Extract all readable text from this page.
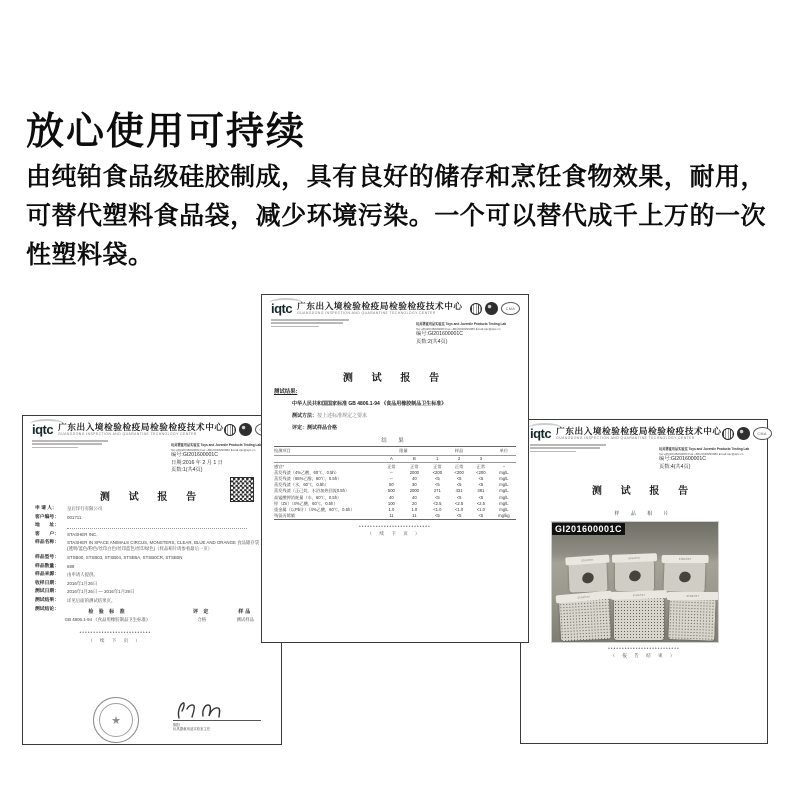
放心使用可持续
由纯铂食品级硅胶制成，具有良好的储存和烹饪食物效果，耐用，可替代塑料食品袋，减少环境污染。一个可以替代成千上万的一次性塑料袋。
iqtc 广东出入境检验检疫局检验检疫技术中心
GUANGDONG INSPECTION AND QUARANTINE TECHNOLOGY CENTER
玩具婴童用品实验室 Toys and Juvenile Products Testing Lab
Tel:+86(20)38290080 Fax:+86(20)38290080 Email:iqtc@iqtc.cn
编号:GI201600001C
日期:2016 年 2 月 1 日
页数:1(共4页)
测 试 报 告
申 请 人：	皇后洋行有限公司
客户编号：	001711
地　　址：
客　　户：	STASHER INC.
样品名称：	STASHER IN SPACE ANIMALS CIRCUS, MONSTERS, CLEAR, BLUE AND ORANGE 食品储存袋(透明/蓝色/粉色/丝印白色/丝印蓝色/丝印绿色)（样品相片请参看最后一页）
样品型号：	STSB00, STSB03, STSB04, STSB5A, STSB0CR, STSB0N
样品数量：	689
样品来源：	由申请人提供。
收样日期：	2016年1月26日
测试日期：	2016年1月26日 — 2016年1月29日
测试结果：	详见后面的测试结果页。
测试结论：	检 验 标 准	评 定	样品
GB 4806.1-94 《食品用橡胶制品卫生标准》	合格	测试样品
**************************
（ 续 下 页 ）
★	陈阳
玩具婴童用品实验室主任
iqtc 广东出入境检验检疫局检验检疫技术中心
GUANGDONG INSPECTION AND QUARANTINE TECHNOLOGY CENTER
CMA
玩具婴童用品实验室 Toys and Juvenile Products Testing Lab
Tel:+86(20)38290080 Fax:+86(20)38290080 Email:iqtc@iqtc.cn
编号:GI201600001C
页数:4(共4页)
测 试 报 告
样 品 相 片
GI201600001C
stasher	stasher	stasher
stasher	stasher	stasher
**************************
（ 报 告 结 束 ）
iqtc 广东出入境检验检疫局检验检疫技术中心
GUANGDONG INSPECTION AND QUARANTINE TECHNOLOGY CENTER
CMA
玩具婴童用品实验室 Toys and Juvenile Products Testing Lab
Tel:+86(20)38290080 Fax:+86(20)38290080 Email:iqtc@iqtc.cn
编号:GI201600001C
页数:2(共4页)
测 试 报 告
测试结果:
中华人民共和国国家标准 GB 4806.1-94 《食品用橡胶制品卫生标准》
测试方法：按上述标准规定之要求
评定：测试样品合格
结 果
检测项目	限量		样品			单位
	A	B	1	2	3	
感官*	正常	正常	正常	正常	正常	--
蒸发残渣（4%乙酸，60℃，0.5h）	--	2000	<200	<200	<200	mg/L
蒸发残渣（65%乙醇，60℃，0.5h）	--	40	<5	<5	<5	mg/L
蒸发残渣（水，60℃，0.5h）	50	30	<5	<5	<5	mg/L
蒸发残渣（正己烷，水浴加热回流0.5h）	500	2000	271	431	381	mg/L
高锰酸钾消耗量（水，60℃，0.5h）	40	40	<5	<5	<5	mg/L
锌（Zn）（4%乙酸，60℃，0.5h）	100	20	<2.5	<2.5	<2.5	mg/L
重金属（以Pb计）（4%乙酸，60℃，0.5h）	1.0	1.0	<1.0	<1.0	<1.0	mg/L
残留丙烯腈	11	11	<5	<5	<5	mg/kg
**************************
（ 续 下 页 ）
